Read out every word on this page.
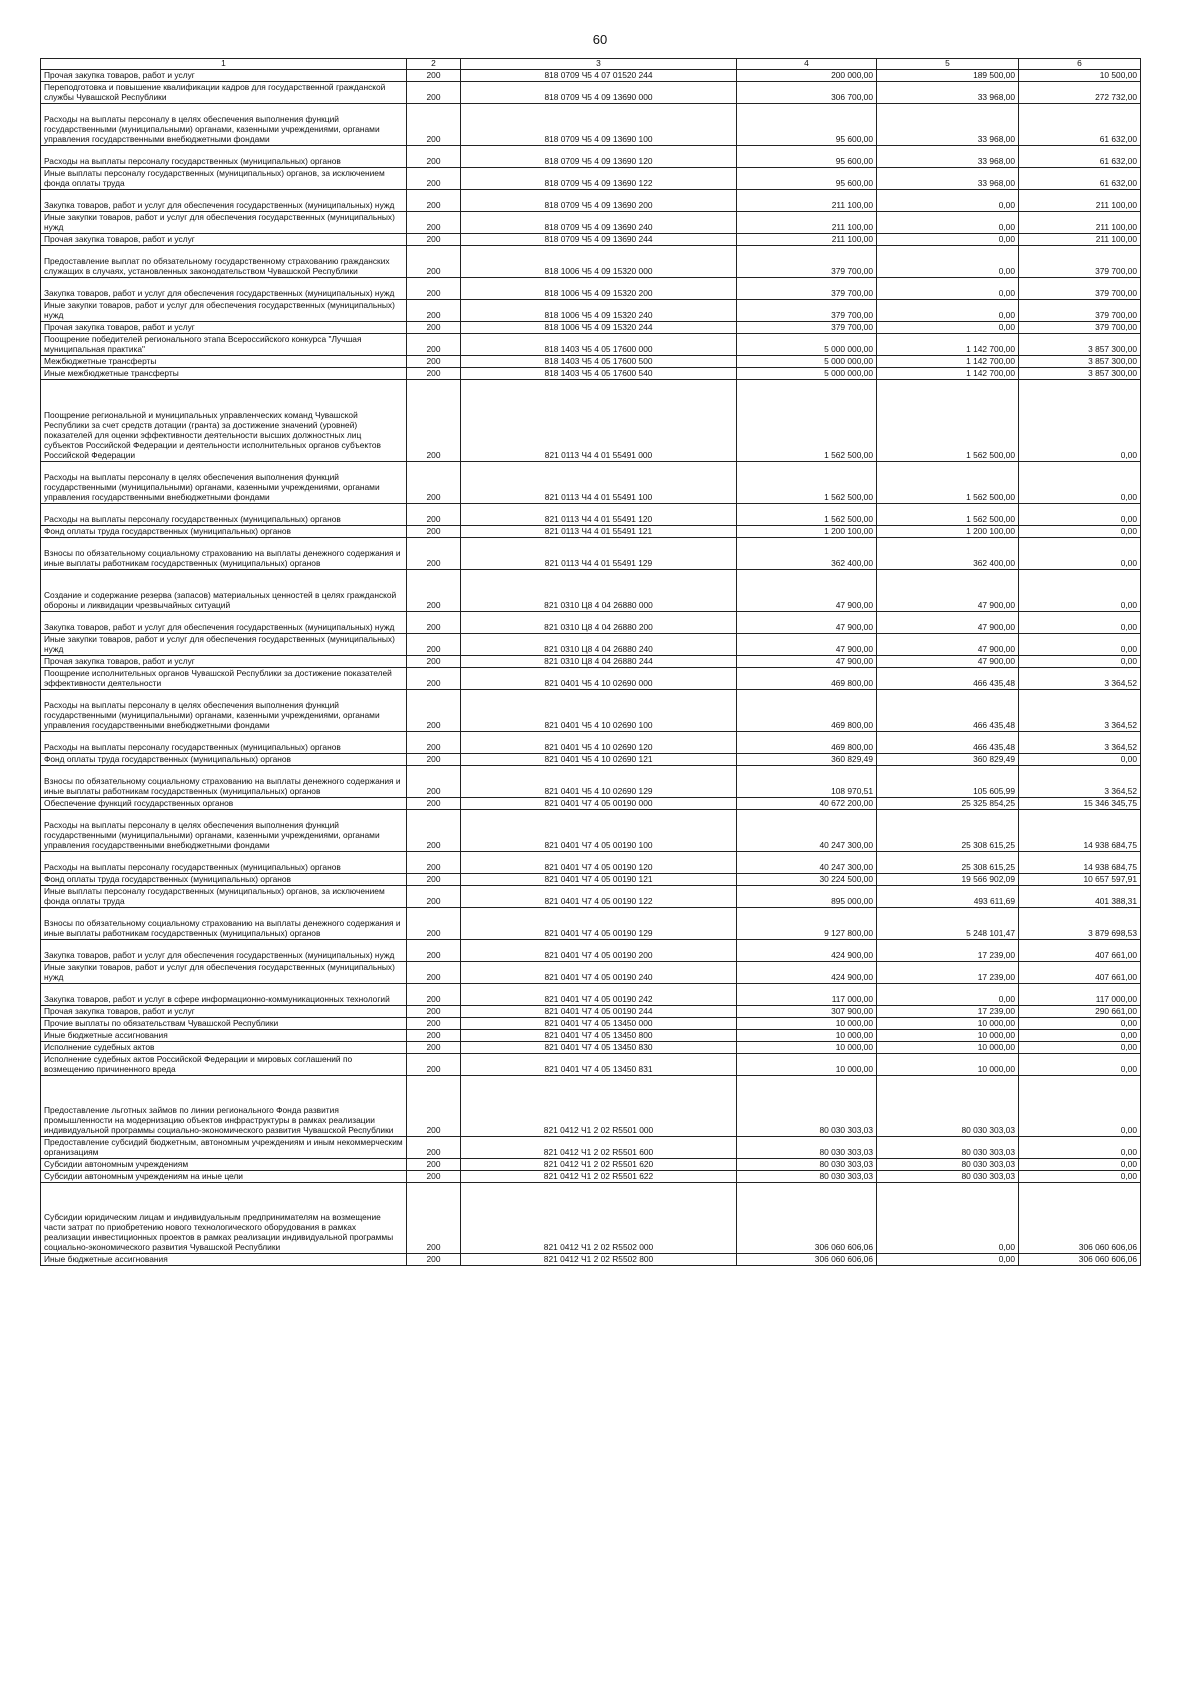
60
1	2	3	4	5	6
Прочая закупка товаров, работ и услуг	200	818 0709 Ч5 4 07 01520 244	200 000,00	189 500,00	10 500,00
Переподготовка и повышение квалификации кадров для государственной гражданской службы Чувашской Республики	200	818 0709 Ч5 4 09 13690 000	306 700,00	33 968,00	272 732,00
Расходы на выплаты персоналу в целях обеспечения выполнения функций государственными (муниципальными) органами, казенными учреждениями, органами управления государственными внебюджетными фондами	200	818 0709 Ч5 4 09 13690 100	95 600,00	33 968,00	61 632,00
Расходы на выплаты персоналу государственных (муниципальных) органов	200	818 0709 Ч5 4 09 13690 120	95 600,00	33 968,00	61 632,00
Иные выплаты персоналу государственных (муниципальных) органов, за исключением фонда оплаты труда	200	818 0709 Ч5 4 09 13690 122	95 600,00	33 968,00	61 632,00
Закупка товаров, работ и услуг для обеспечения государственных (муниципальных) нужд	200	818 0709 Ч5 4 09 13690 200	211 100,00	0,00	211 100,00
Иные закупки товаров, работ и услуг для обеспечения государственных (муниципальных) нужд	200	818 0709 Ч5 4 09 13690 240	211 100,00	0,00	211 100,00
Прочая закупка товаров, работ и услуг	200	818 0709 Ч5 4 09 13690 244	211 100,00	0,00	211 100,00
Предоставление выплат по обязательному государственному страхованию гражданских служащих в случаях, установленных законодательством Чувашской Республики	200	818 1006 Ч5 4 09 15320 000	379 700,00	0,00	379 700,00
Закупка товаров, работ и услуг для обеспечения государственных (муниципальных) нужд	200	818 1006 Ч5 4 09 15320 200	379 700,00	0,00	379 700,00
Иные закупки товаров, работ и услуг для обеспечения государственных (муниципальных) нужд	200	818 1006 Ч5 4 09 15320 240	379 700,00	0,00	379 700,00
Прочая закупка товаров, работ и услуг	200	818 1006 Ч5 4 09 15320 244	379 700,00	0,00	379 700,00
Поощрение победителей регионального этапа Всероссийского конкурса "Лучшая муниципальная практика"	200	818 1403 Ч5 4 05 17600 000	5 000 000,00	1 142 700,00	3 857 300,00
Межбюджетные трансферты	200	818 1403 Ч5 4 05 17600 500	5 000 000,00	1 142 700,00	3 857 300,00
Иные межбюджетные трансферты	200	818 1403 Ч5 4 05 17600 540	5 000 000,00	1 142 700,00	3 857 300,00
Поощрение региональной и муниципальных управленческих команд Чувашской Республики за счет средств дотации (гранта) за достижение значений (уровней) показателей для оценки эффективности деятельности высших должностных лиц субъектов Российской Федерации и деятельности исполнительных органов субъектов Российской Федерации	200	821 0113 Ч4 4 01 55491 000	1 562 500,00	1 562 500,00	0,00
Расходы на выплаты персоналу в целях обеспечения выполнения функций государственными (муниципальными) органами, казенными учреждениями, органами управления государственными внебюджетными фондами	200	821 0113 Ч4 4 01 55491 100	1 562 500,00	1 562 500,00	0,00
Расходы на выплаты персоналу государственных (муниципальных) органов	200	821 0113 Ч4 4 01 55491 120	1 562 500,00	1 562 500,00	0,00
Фонд оплаты труда государственных (муниципальных) органов	200	821 0113 Ч4 4 01 55491 121	1 200 100,00	1 200 100,00	0,00
Взносы по обязательному социальному страхованию на выплаты денежного содержания и иные выплаты работникам государственных (муниципальных) органов	200	821 0113 Ч4 4 01 55491 129	362 400,00	362 400,00	0,00
Создание и содержание резерва (запасов) материальных ценностей в целях гражданской обороны и ликвидации чрезвычайных ситуаций	200	821 0310 Ц8 4 04 26880 000	47 900,00	47 900,00	0,00
Закупка товаров, работ и услуг для обеспечения государственных (муниципальных) нужд	200	821 0310 Ц8 4 04 26880 200	47 900,00	47 900,00	0,00
Иные закупки товаров, работ и услуг для обеспечения государственных (муниципальных) нужд	200	821 0310 Ц8 4 04 26880 240	47 900,00	47 900,00	0,00
Прочая закупка товаров, работ и услуг	200	821 0310 Ц8 4 04 26880 244	47 900,00	47 900,00	0,00
Поощрение исполнительных органов Чувашской Республики за достижение показателей эффективности деятельности	200	821 0401 Ч5 4 10 02690 000	469 800,00	466 435,48	3 364,52
Расходы на выплаты персоналу в целях обеспечения выполнения функций государственными (муниципальными) органами, казенными учреждениями, органами управления государственными внебюджетными фондами	200	821 0401 Ч5 4 10 02690 100	469 800,00	466 435,48	3 364,52
Расходы на выплаты персоналу государственных (муниципальных) органов	200	821 0401 Ч5 4 10 02690 120	469 800,00	466 435,48	3 364,52
Фонд оплаты труда государственных (муниципальных) органов	200	821 0401 Ч5 4 10 02690 121	360 829,49	360 829,49	0,00
Взносы по обязательному социальному страхованию на выплаты денежного содержания и иные выплаты работникам государственных (муниципальных) органов	200	821 0401 Ч5 4 10 02690 129	108 970,51	105 605,99	3 364,52
Обеспечение функций государственных органов	200	821 0401 Ч7 4 05 00190 000	40 672 200,00	25 325 854,25	15 346 345,75
Расходы на выплаты персоналу в целях обеспечения выполнения функций государственными (муниципальными) органами, казенными учреждениями, органами управления государственными внебюджетными фондами	200	821 0401 Ч7 4 05 00190 100	40 247 300,00	25 308 615,25	14 938 684,75
Расходы на выплаты персоналу государственных (муниципальных) органов	200	821 0401 Ч7 4 05 00190 120	40 247 300,00	25 308 615,25	14 938 684,75
Фонд оплаты труда государственных (муниципальных) органов	200	821 0401 Ч7 4 05 00190 121	30 224 500,00	19 566 902,09	10 657 597,91
Иные выплаты персоналу государственных (муниципальных) органов, за исключением фонда оплаты труда	200	821 0401 Ч7 4 05 00190 122	895 000,00	493 611,69	401 388,31
Взносы по обязательному социальному страхованию на выплаты денежного содержания и иные выплаты работникам государственных (муниципальных) органов	200	821 0401 Ч7 4 05 00190 129	9 127 800,00	5 248 101,47	3 879 698,53
Закупка товаров, работ и услуг для обеспечения государственных (муниципальных) нужд	200	821 0401 Ч7 4 05 00190 200	424 900,00	17 239,00	407 661,00
Иные закупки товаров, работ и услуг для обеспечения государственных (муниципальных) нужд	200	821 0401 Ч7 4 05 00190 240	424 900,00	17 239,00	407 661,00
Закупка товаров, работ и услуг в сфере информационно-коммуникационных технологий	200	821 0401 Ч7 4 05 00190 242	117 000,00	0,00	117 000,00
Прочая закупка товаров, работ и услуг	200	821 0401 Ч7 4 05 00190 244	307 900,00	17 239,00	290 661,00
Прочие выплаты по обязательствам Чувашской Республики	200	821 0401 Ч7 4 05 13450 000	10 000,00	10 000,00	0,00
Иные бюджетные ассигнования	200	821 0401 Ч7 4 05 13450 800	10 000,00	10 000,00	0,00
Исполнение судебных актов	200	821 0401 Ч7 4 05 13450 830	10 000,00	10 000,00	0,00
Исполнение судебных актов Российской Федерации и мировых соглашений по возмещению причиненного вреда	200	821 0401 Ч7 4 05 13450 831	10 000,00	10 000,00	0,00
Предоставление льготных займов по линии регионального Фонда развития промышленности на модернизацию объектов инфраструктуры в рамках реализации индивидуальной программы социально-экономического развития Чувашской Республики	200	821 0412 Ч1 2 02 R5501 000	80 030 303,03	80 030 303,03	0,00
Предоставление субсидий бюджетным, автономным учреждениям и иным некоммерческим организациям	200	821 0412 Ч1 2 02 R5501 600	80 030 303,03	80 030 303,03	0,00
Субсидии автономным учреждениям	200	821 0412 Ч1 2 02 R5501 620	80 030 303,03	80 030 303,03	0,00
Субсидии автономным учреждениям на иные цели	200	821 0412 Ч1 2 02 R5501 622	80 030 303,03	80 030 303,03	0,00
Субсидии юридическим лицам и индивидуальным предпринимателям на возмещение части затрат по приобретению нового технологического оборудования в рамках реализации инвестиционных проектов в рамках реализации индивидуальной программы социально-экономического развития Чувашской Республики	200	821 0412 Ч1 2 02 R5502 000	306 060 606,06	0,00	306 060 606,06
Иные бюджетные ассигнования	200	821 0412 Ч1 2 02 R5502 800	306 060 606,06	0,00	306 060 606,06
